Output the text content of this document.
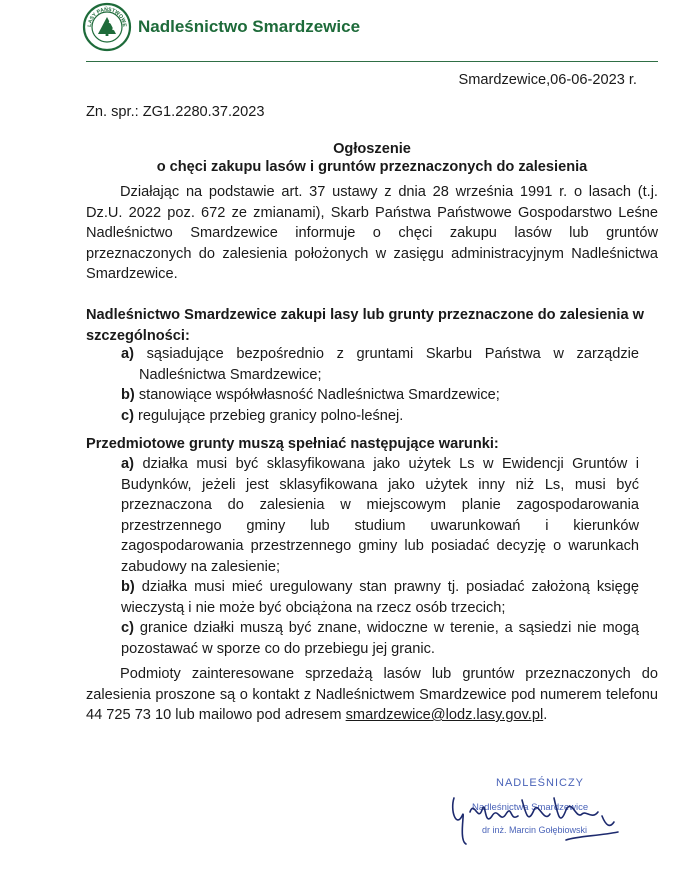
LASY PAŃSTWOWE Nadleśnictwo Smardzewice
Smardzewice,06-06-2023 r.
Zn. spr.: ZG1.2280.37.2023
Ogłoszenie
o chęci zakupu lasów i gruntów przeznaczonych do zalesienia
Działając na podstawie art. 37 ustawy z dnia 28 września 1991 r. o lasach (t.j. Dz.U. 2022 poz. 672 ze zmianami), Skarb Państwa Państwowe Gospodarstwo Leśne Nadleśnictwo Smardzewice informuje o chęci zakupu lasów lub gruntów przeznaczonych do zalesienia położonych w zasięgu administracyjnym Nadleśnictwa Smardzewice.
Nadleśnictwo Smardzewice zakupi lasy lub grunty przeznaczone do zalesienia w szczególności:
a) sąsiadujące bezpośrednio z gruntami Skarbu Państwa w zarządzie Nadleśnictwa Smardzewice;
b) stanowiące współwłasność Nadleśnictwa Smardzewice;
c) regulujące przebieg granicy polno-leśnej.
Przedmiotowe grunty muszą spełniać następujące warunki:
a) działka musi być sklasyfikowana jako użytek Ls w Ewidencji Gruntów i Budynków, jeżeli jest sklasyfikowana jako użytek inny niż Ls, musi być przeznaczona do zalesienia w miejscowym planie zagospodarowania przestrzennego gminy lub studium uwarunkowań i kierunków zagospodarowania przestrzennego gminy lub posiadać decyzję o warunkach zabudowy na zalesienie;
b) działka musi mieć uregulowany stan prawny tj. posiadać założoną księgę wieczystą i nie może być obciążona na rzecz osób trzecich;
c) granice działki muszą być znane, widoczne w terenie, a sąsiedzi nie mogą pozostawać w sporze co do przebiegu jej granic.
Podmioty zainteresowane sprzedażą lasów lub gruntów przeznaczonych do zalesienia proszone są o kontakt z Nadleśnictwem Smardzewice pod numerem telefonu 44 725 73 10 lub mailowo pod adresem smardzewice@lodz.lasy.gov.pl.
NADLEŚNICZY
Nadleśnictwa Smardzewice
dr inż. Marcin Gołębiowski
